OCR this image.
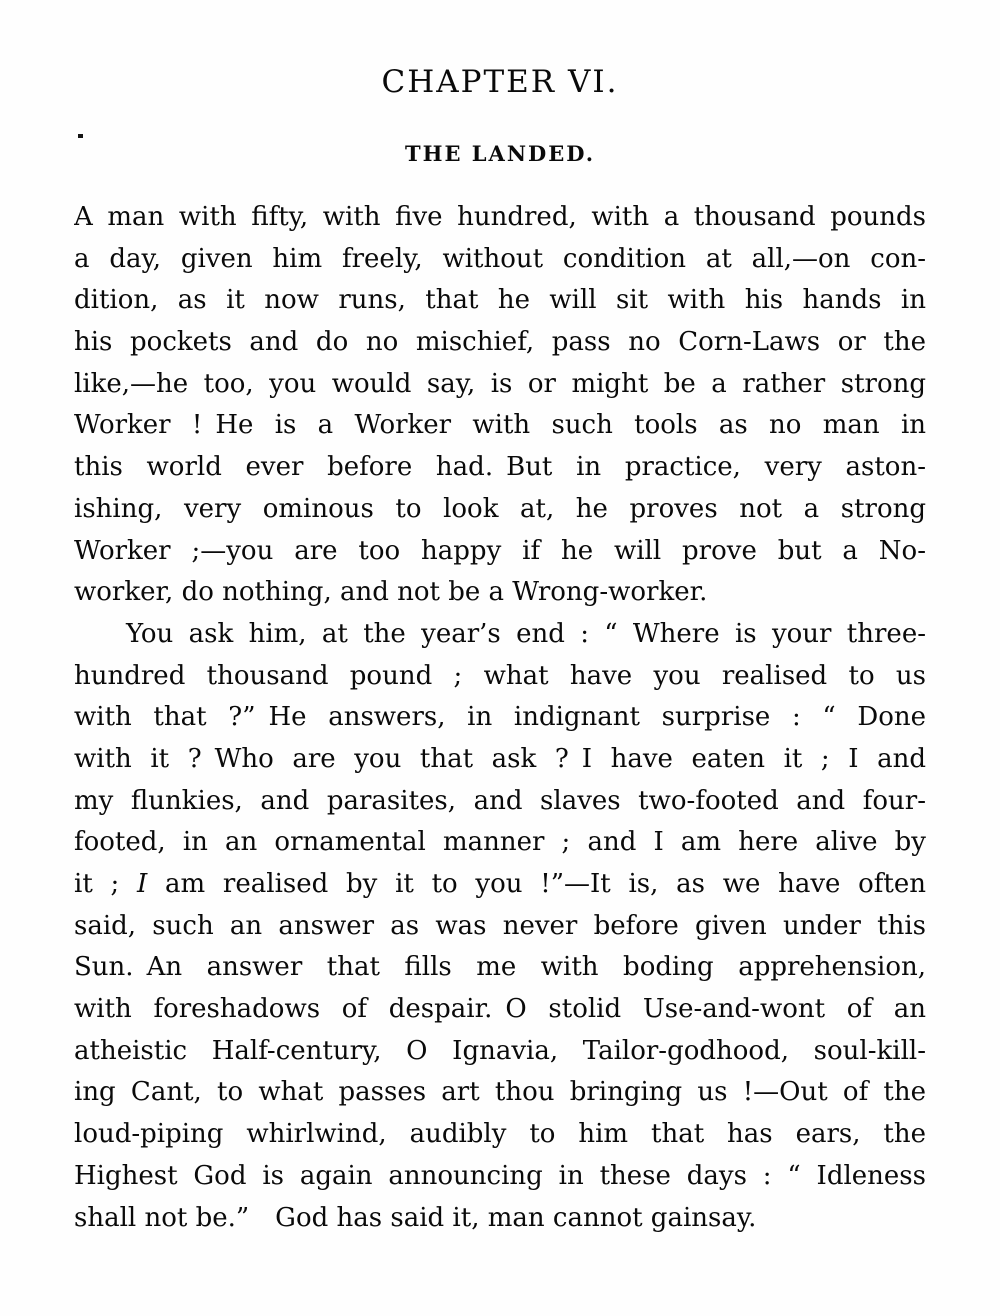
CHAPTER VI.
THE LANDED.
A man with fifty, with five hundred, with a thousand pounds
a day, given him freely, without condition at all,—on con-
dition, as it now runs, that he will sit with his hands in
his pockets and do no mischief, pass no Corn-Laws or the
like,—he too, you would say, is or might be a rather strong
Worker ! He is a Worker with such tools as no man in
this world ever before had. But in practice, very aston-
ishing, very ominous to look at, he proves not a strong
Worker ;—you are too happy if he will prove but a No-
worker, do nothing, and not be a Wrong-worker.
You ask him, at the year’s end : “ Where is your three-
hundred thousand pound ; what have you realised to us
with that ?” He answers, in indignant surprise : “ Done
with it ? Who are you that ask ? I have eaten it ; I and
my flunkies, and parasites, and slaves two-footed and four-
footed, in an ornamental manner ; and I am here alive by
it ; I am realised by it to you !”—It is, as we have often
said, such an answer as was never before given under this
Sun. An answer that fills me with boding apprehension,
with foreshadows of despair. O stolid Use-and-wont of an
atheistic Half-century, O Ignavia, Tailor-godhood, soul-kill-
ing Cant, to what passes art thou bringing us !—Out of the
loud-piping whirlwind, audibly to him that has ears, the
Highest God is again announcing in these days : “ Idleness
shall not be.”  God has said it, man cannot gainsay.
